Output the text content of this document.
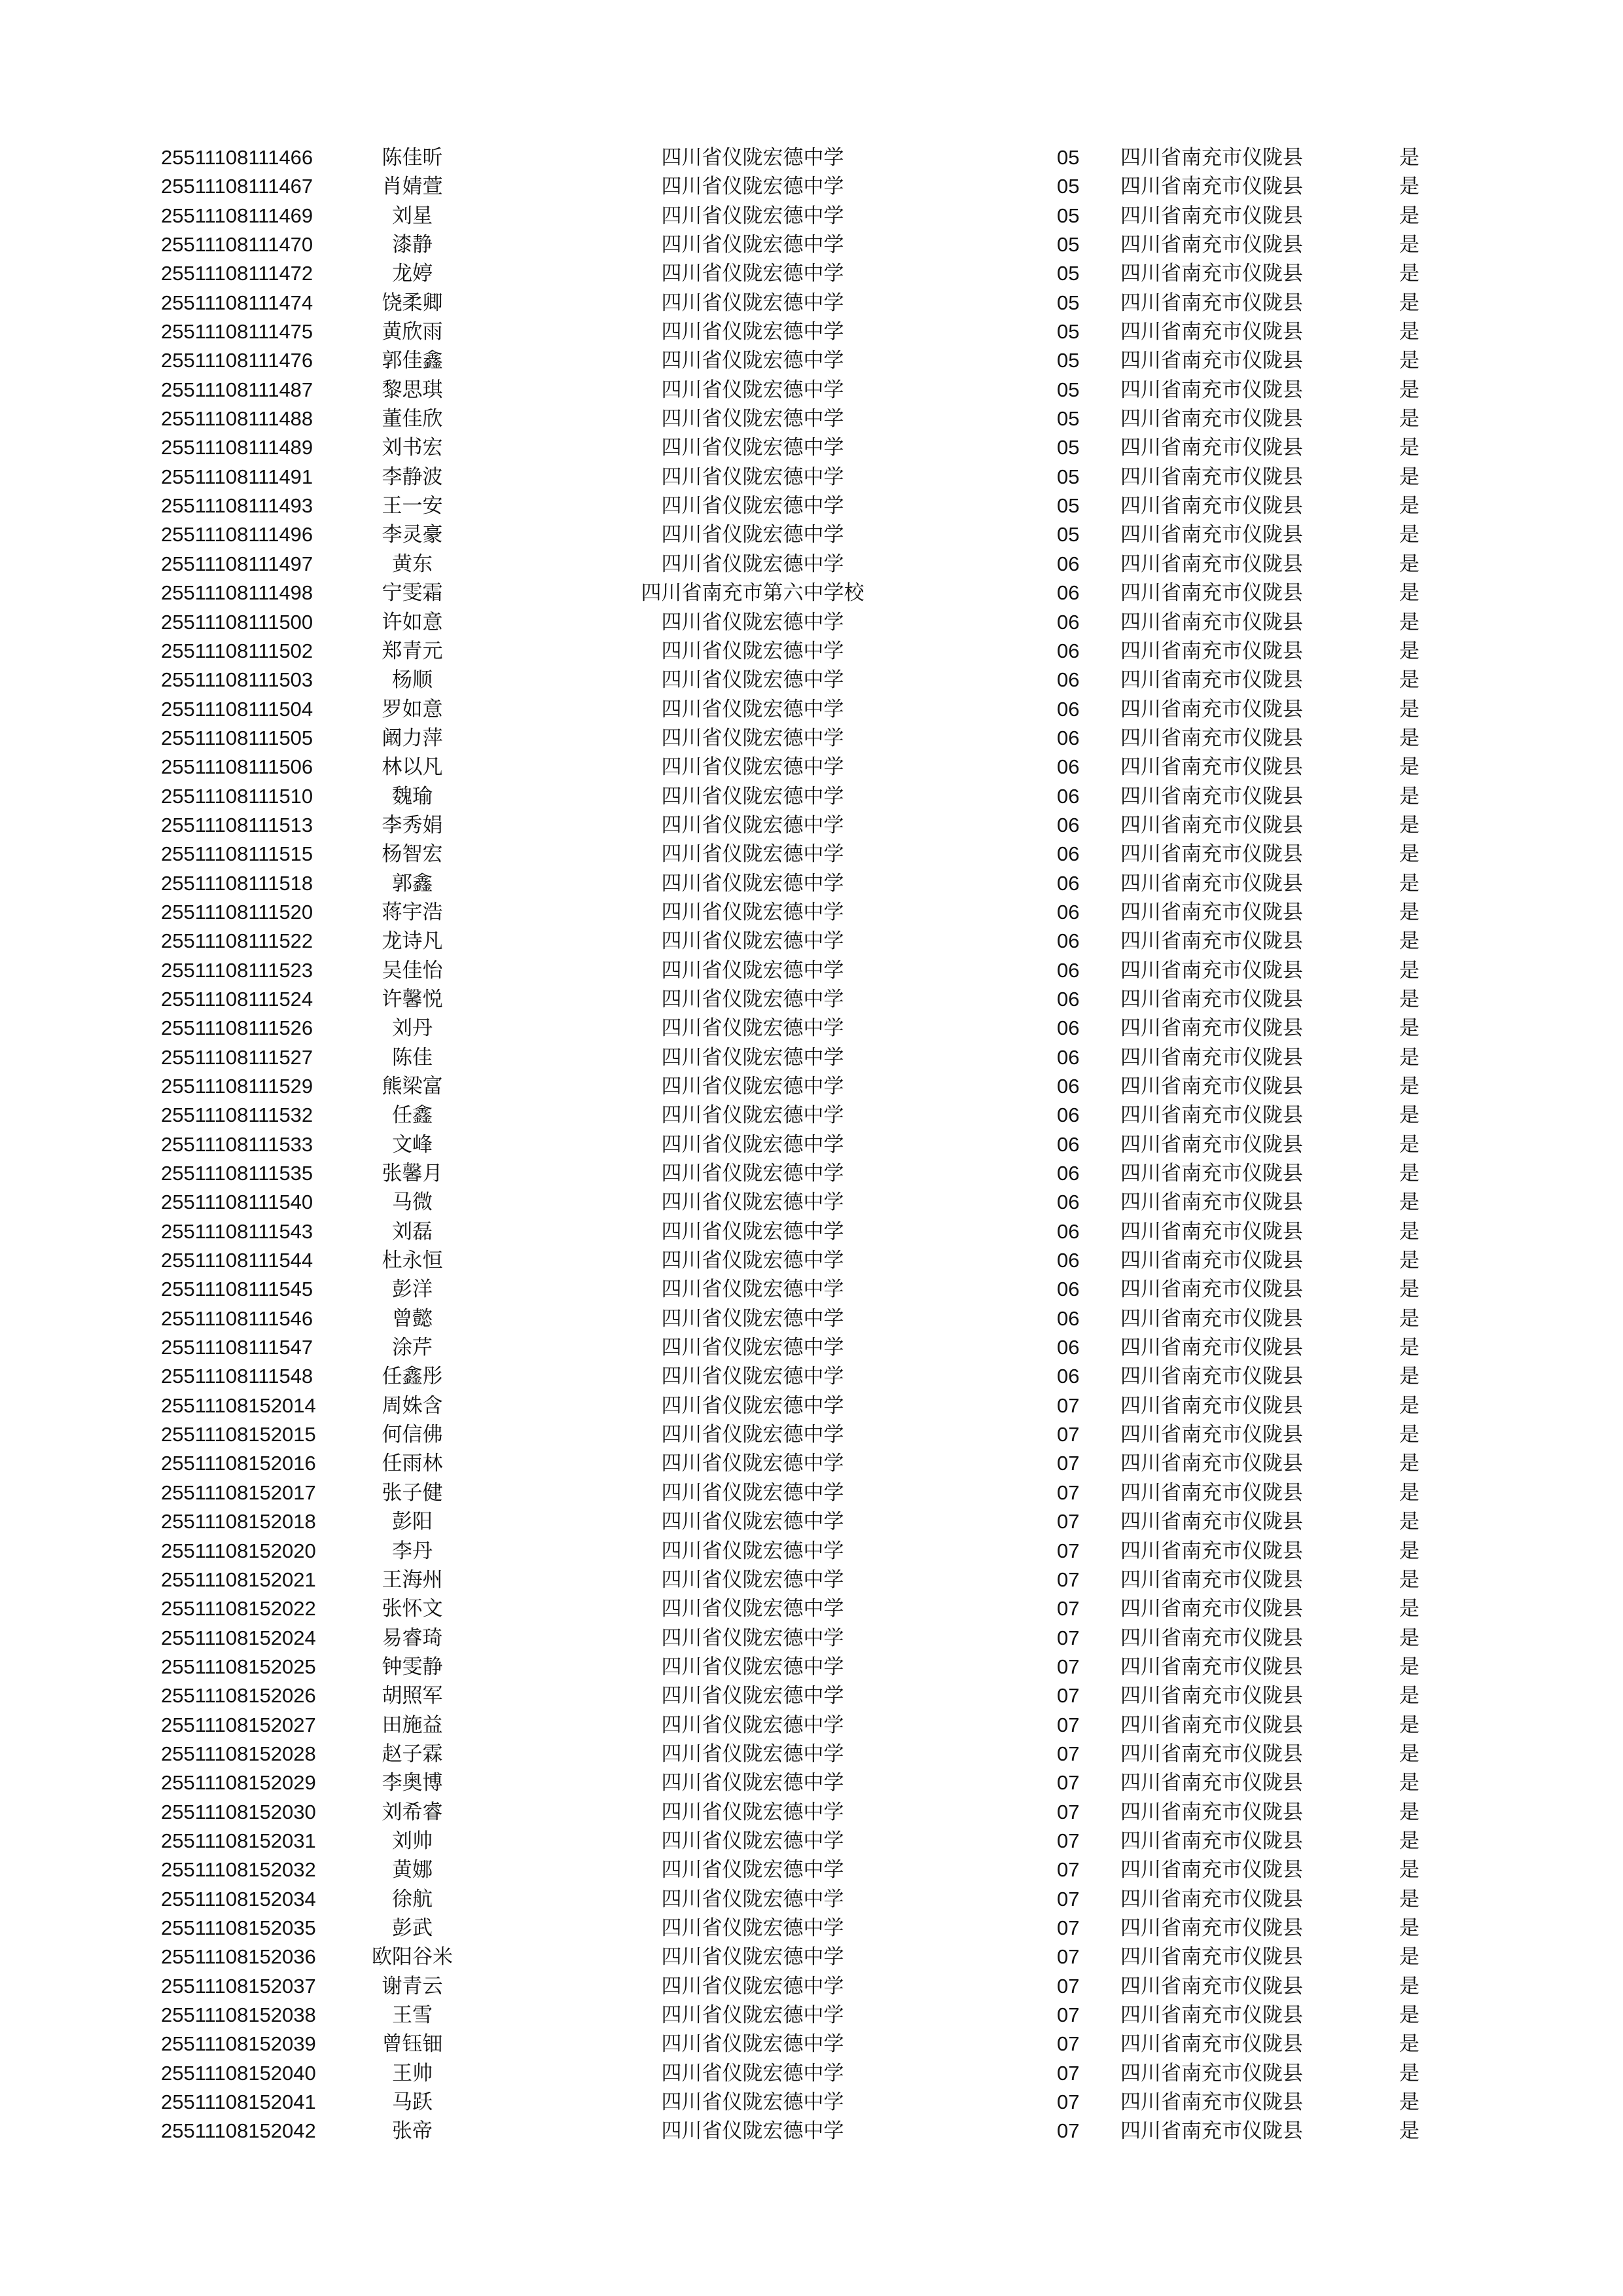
25511108111466	陈佳昕	四川省仪陇宏德中学	05 四川省南充市仪陇县	是
25511108111467	肖婧萱	四川省仪陇宏德中学	05 四川省南充市仪陇县	是
25511108111469	刘星	四川省仪陇宏德中学	05 四川省南充市仪陇县	是
25511108111470	漆静	四川省仪陇宏德中学	05 四川省南充市仪陇县	是
25511108111472	龙婷	四川省仪陇宏德中学	05 四川省南充市仪陇县	是
25511108111474	饶柔卿	四川省仪陇宏德中学	05 四川省南充市仪陇县	是
25511108111475	黄欣雨	四川省仪陇宏德中学	05 四川省南充市仪陇县	是
25511108111476	郭佳鑫	四川省仪陇宏德中学	05 四川省南充市仪陇县	是
25511108111487	黎思琪	四川省仪陇宏德中学	05 四川省南充市仪陇县	是
25511108111488	董佳欣	四川省仪陇宏德中学	05 四川省南充市仪陇县	是
25511108111489	刘书宏	四川省仪陇宏德中学	05 四川省南充市仪陇县	是
25511108111491	李静波	四川省仪陇宏德中学	05 四川省南充市仪陇县	是
25511108111493	王一安	四川省仪陇宏德中学	05 四川省南充市仪陇县	是
25511108111496	李灵豪	四川省仪陇宏德中学	05 四川省南充市仪陇县	是
25511108111497	黄东	四川省仪陇宏德中学	06 四川省南充市仪陇县	是
25511108111498	宁雯霜	四川省南充市第六中学校	06 四川省南充市仪陇县	是
25511108111500	许如意	四川省仪陇宏德中学	06 四川省南充市仪陇县	是
25511108111502	郑青元	四川省仪陇宏德中学	06 四川省南充市仪陇县	是
25511108111503	杨顺	四川省仪陇宏德中学	06 四川省南充市仪陇县	是
25511108111504	罗如意	四川省仪陇宏德中学	06 四川省南充市仪陇县	是
25511108111505	阚力萍	四川省仪陇宏德中学	06 四川省南充市仪陇县	是
25511108111506	林以凡	四川省仪陇宏德中学	06 四川省南充市仪陇县	是
25511108111510	魏瑜	四川省仪陇宏德中学	06 四川省南充市仪陇县	是
25511108111513	李秀娟	四川省仪陇宏德中学	06 四川省南充市仪陇县	是
25511108111515	杨智宏	四川省仪陇宏德中学	06 四川省南充市仪陇县	是
25511108111518	郭鑫	四川省仪陇宏德中学	06 四川省南充市仪陇县	是
25511108111520	蒋宇浩	四川省仪陇宏德中学	06 四川省南充市仪陇县	是
25511108111522	龙诗凡	四川省仪陇宏德中学	06 四川省南充市仪陇县	是
25511108111523	吴佳怡	四川省仪陇宏德中学	06 四川省南充市仪陇县	是
25511108111524	许馨悦	四川省仪陇宏德中学	06 四川省南充市仪陇县	是
25511108111526	刘丹	四川省仪陇宏德中学	06 四川省南充市仪陇县	是
25511108111527	陈佳	四川省仪陇宏德中学	06 四川省南充市仪陇县	是
25511108111529	熊梁富	四川省仪陇宏德中学	06 四川省南充市仪陇县	是
25511108111532	任鑫	四川省仪陇宏德中学	06 四川省南充市仪陇县	是
25511108111533	文峰	四川省仪陇宏德中学	06 四川省南充市仪陇县	是
25511108111535	张馨月	四川省仪陇宏德中学	06 四川省南充市仪陇县	是
25511108111540	马微	四川省仪陇宏德中学	06 四川省南充市仪陇县	是
25511108111543	刘磊	四川省仪陇宏德中学	06 四川省南充市仪陇县	是
25511108111544	杜永恒	四川省仪陇宏德中学	06 四川省南充市仪陇县	是
25511108111545	彭洋	四川省仪陇宏德中学	06 四川省南充市仪陇县	是
25511108111546	曾懿	四川省仪陇宏德中学	06 四川省南充市仪陇县	是
25511108111547	涂芹	四川省仪陇宏德中学	06 四川省南充市仪陇县	是
25511108111548	任鑫彤	四川省仪陇宏德中学	06 四川省南充市仪陇县	是
25511108152014	周姝含	四川省仪陇宏德中学	07 四川省南充市仪陇县	是
25511108152015	何信佛	四川省仪陇宏德中学	07 四川省南充市仪陇县	是
25511108152016	任雨林	四川省仪陇宏德中学	07 四川省南充市仪陇县	是
25511108152017	张子健	四川省仪陇宏德中学	07 四川省南充市仪陇县	是
25511108152018	彭阳	四川省仪陇宏德中学	07 四川省南充市仪陇县	是
25511108152020	李丹	四川省仪陇宏德中学	07 四川省南充市仪陇县	是
25511108152021	王海州	四川省仪陇宏德中学	07 四川省南充市仪陇县	是
25511108152022	张怀文	四川省仪陇宏德中学	07 四川省南充市仪陇县	是
25511108152024	易睿琦	四川省仪陇宏德中学	07 四川省南充市仪陇县	是
25511108152025	钟雯静	四川省仪陇宏德中学	07 四川省南充市仪陇县	是
25511108152026	胡照军	四川省仪陇宏德中学	07 四川省南充市仪陇县	是
25511108152027	田施益	四川省仪陇宏德中学	07 四川省南充市仪陇县	是
25511108152028	赵子霖	四川省仪陇宏德中学	07 四川省南充市仪陇县	是
25511108152029	李奥博	四川省仪陇宏德中学	07 四川省南充市仪陇县	是
25511108152030	刘希睿	四川省仪陇宏德中学	07 四川省南充市仪陇县	是
25511108152031	刘帅	四川省仪陇宏德中学	07 四川省南充市仪陇县	是
25511108152032	黄娜	四川省仪陇宏德中学	07 四川省南充市仪陇县	是
25511108152034	徐航	四川省仪陇宏德中学	07 四川省南充市仪陇县	是
25511108152035	彭武	四川省仪陇宏德中学	07 四川省南充市仪陇县	是
25511108152036	欧阳谷米	四川省仪陇宏德中学	07 四川省南充市仪陇县	是
25511108152037	谢青云	四川省仪陇宏德中学	07 四川省南充市仪陇县	是
25511108152038	王雪	四川省仪陇宏德中学	07 四川省南充市仪陇县	是
25511108152039	曾钰钿	四川省仪陇宏德中学	07 四川省南充市仪陇县	是
25511108152040	王帅	四川省仪陇宏德中学	07 四川省南充市仪陇县	是
25511108152041	马跃	四川省仪陇宏德中学	07 四川省南充市仪陇县	是
25511108152042	张帝	四川省仪陇宏德中学	07 四川省南充市仪陇县	是
